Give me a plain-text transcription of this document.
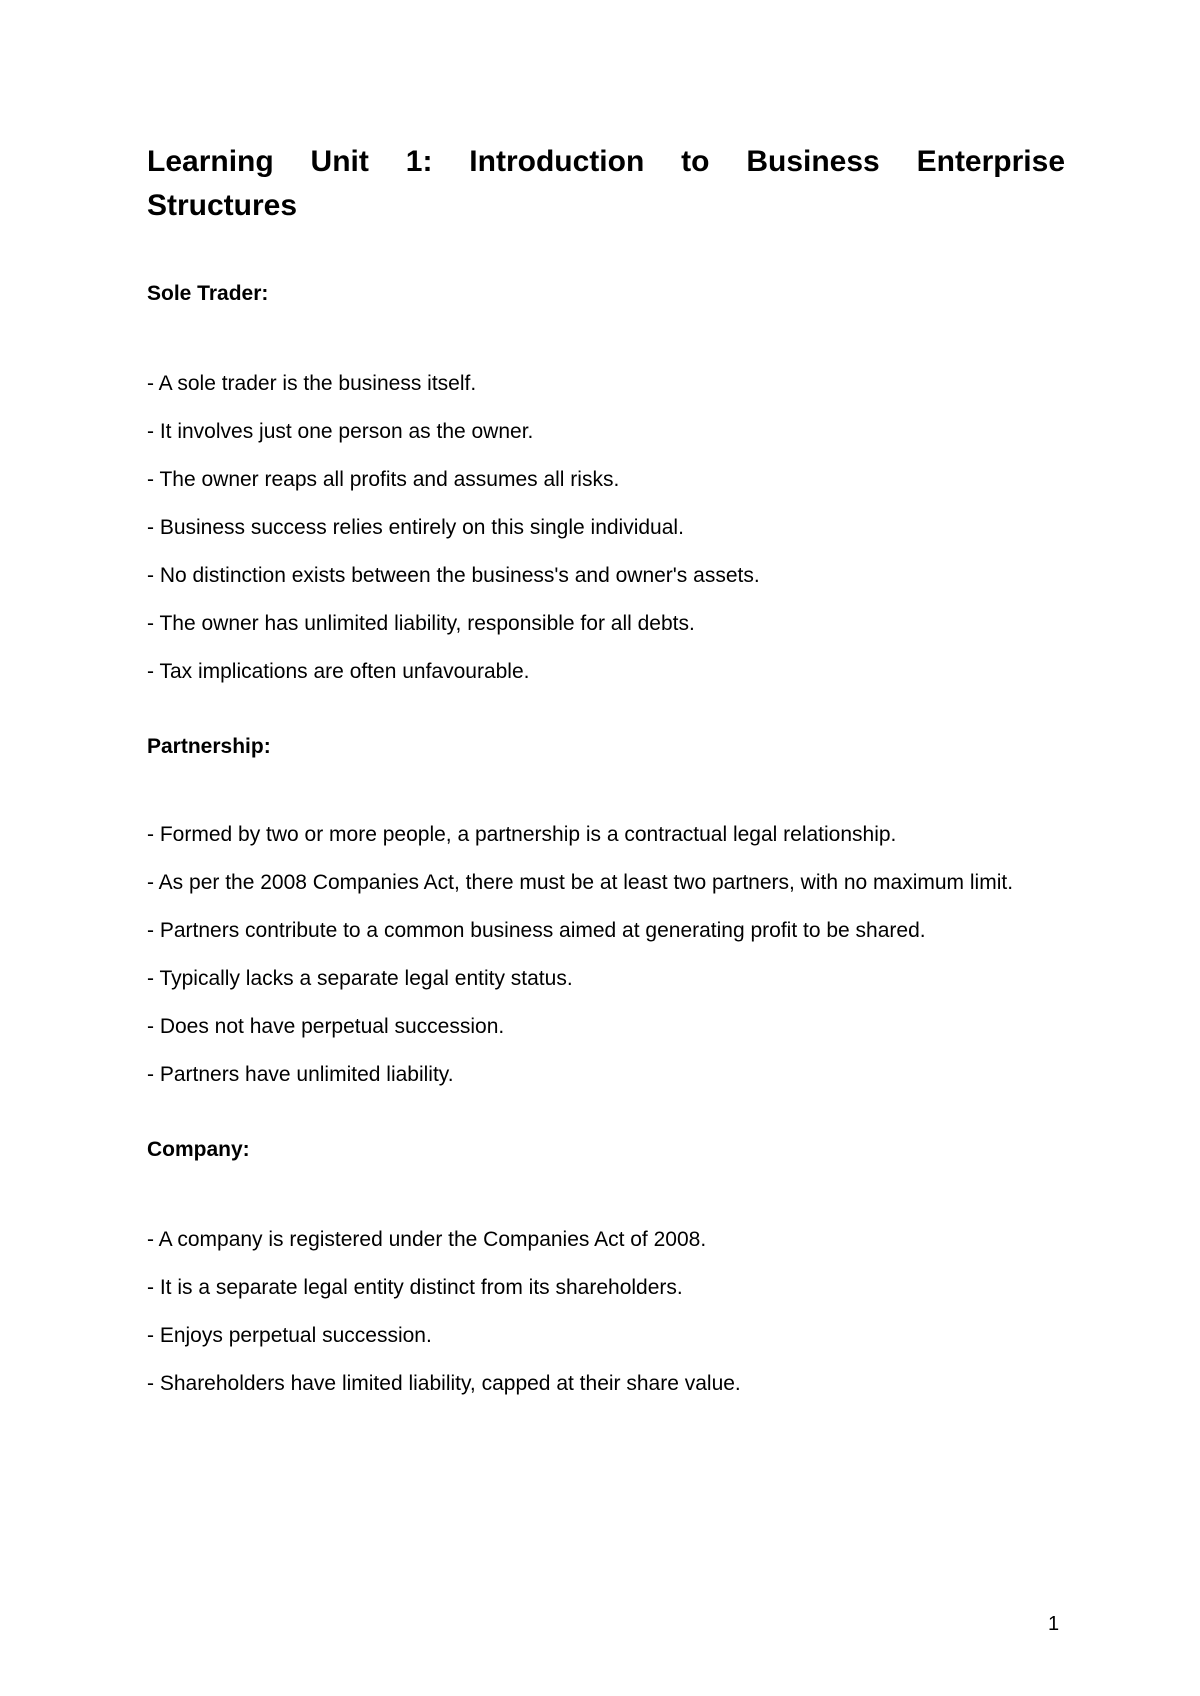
Learning Unit 1: Introduction to Business Enterprise Structures
Sole Trader:
- A sole trader is the business itself.
- It involves just one person as the owner.
- The owner reaps all profits and assumes all risks.
- Business success relies entirely on this single individual.
- No distinction exists between the business's and owner's assets.
- The owner has unlimited liability, responsible for all debts.
- Tax implications are often unfavourable.
Partnership:
- Formed by two or more people, a partnership is a contractual legal relationship.
- As per the 2008 Companies Act, there must be at least two partners, with no maximum limit.
- Partners contribute to a common business aimed at generating profit to be shared.
- Typically lacks a separate legal entity status.
- Does not have perpetual succession.
- Partners have unlimited liability.
Company:
- A company is registered under the Companies Act of 2008.
- It is a separate legal entity distinct from its shareholders.
- Enjoys perpetual succession.
- Shareholders have limited liability, capped at their share value.
1
